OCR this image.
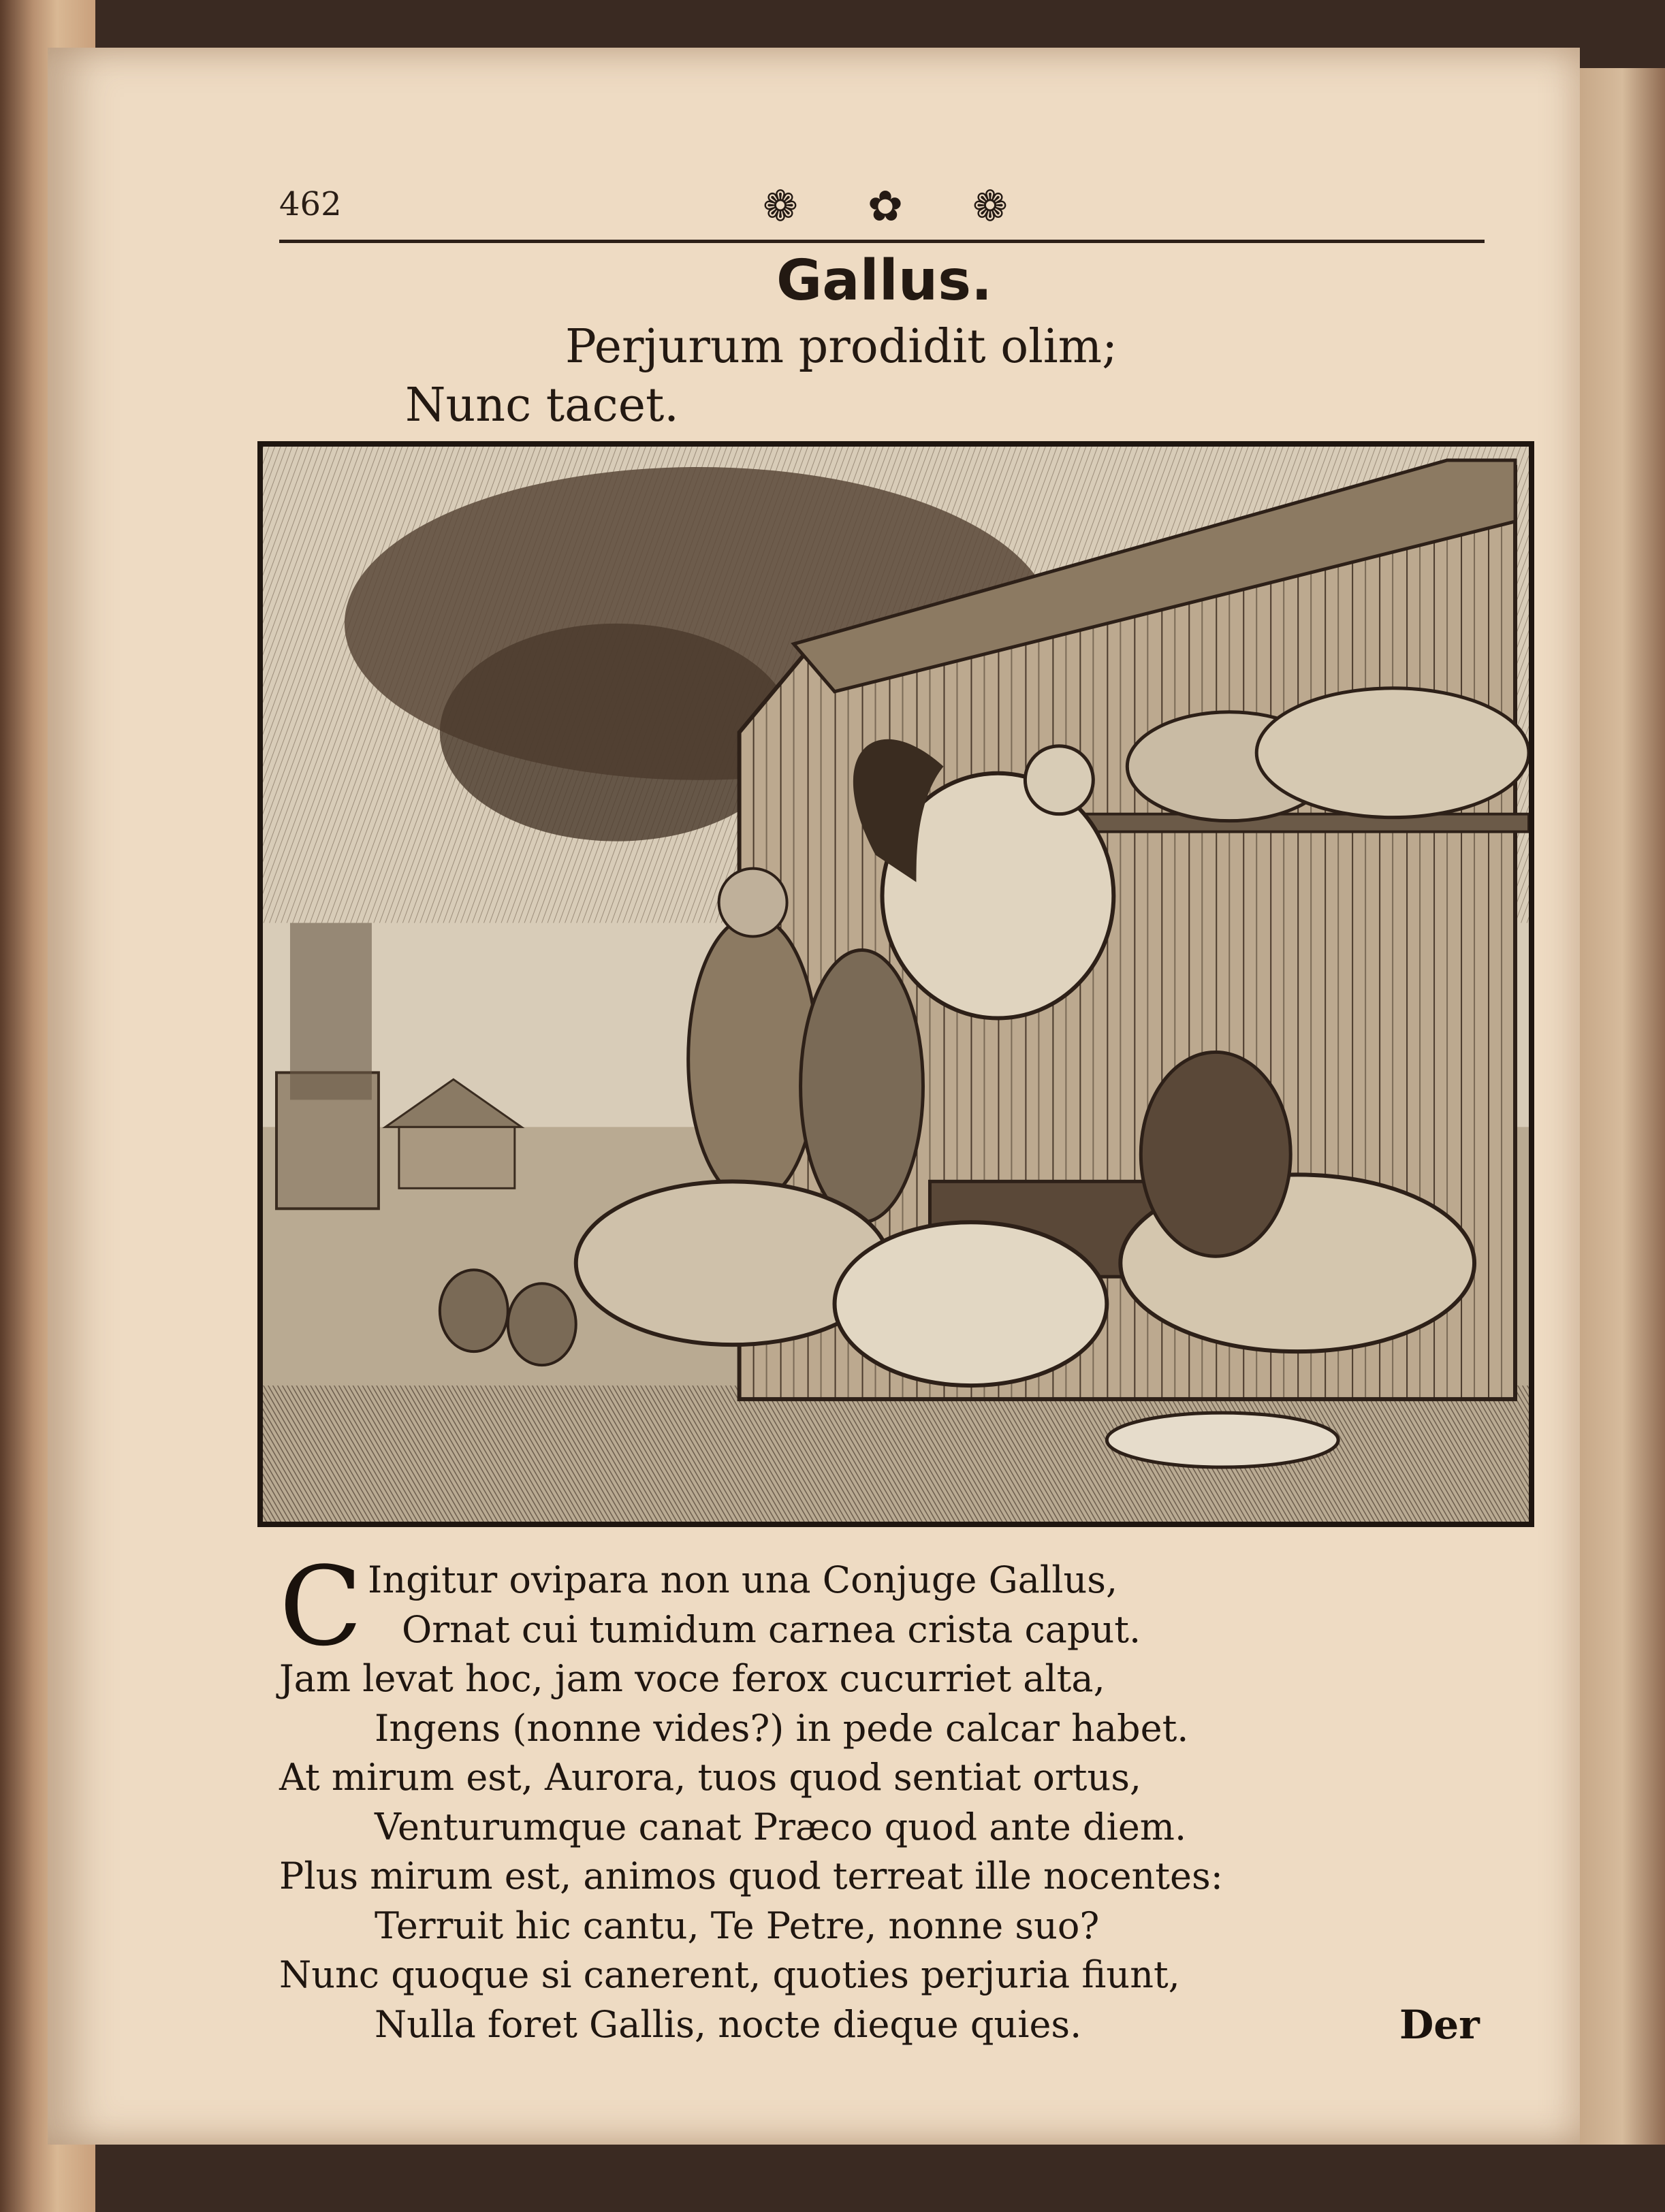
462	❁ ✿ ❁
Gallus.
Perjurum prodidit olim;
Nunc tacet.
C Ingitur ovipara non una Conjuge Gallus,
Ornat cui tumidum carnea crista caput.
Jam levat hoc, jam voce ferox cucurriet alta,
Ingens (nonne vides?) in pede calcar habet.
At mirum est, Aurora, tuos quod sentiat ortus,
Venturumque canat Præco quod ante diem.
Plus mirum est, animos quod terreat ille nocentes:
Terruit hic cantu, Te Petre, nonne suo?
Nunc quoque si canerent, quoties perjuria fiunt,
Nulla foret Gallis, nocte dieque quies.	Der
